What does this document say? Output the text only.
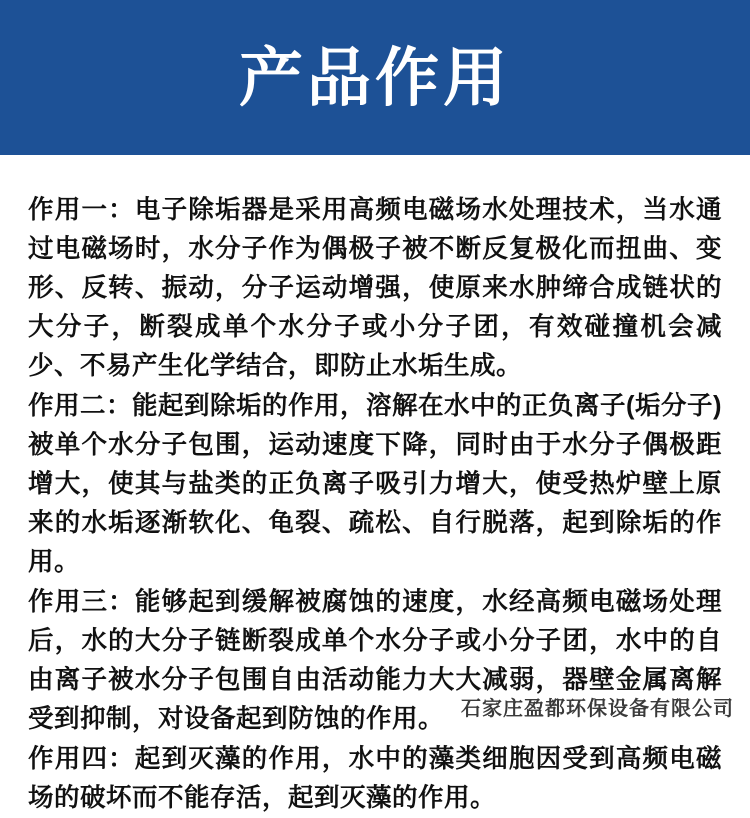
产品作用

作用一：电子除垢器是采用高频电磁场水处理技术，当水通过电磁场时，水分子作为偶极子被不断反复极化而扭曲、变形、反转、振动，分子运动增强，使原来水肿缔合成链状的大分子，断裂成单个水分子或小分子团，有效碰撞机会减少、不易产生化学结合，即防止水垢生成。

作用二：能起到除垢的作用，溶解在水中的正负离子(垢分子)被单个水分子包围，运动速度下降，同时由于水分子偶极距增大，使其与盐类的正负离子吸引力增大，使受热炉壁上原来的水垢逐渐软化、龟裂、疏松、自行脱落，起到除垢的作用。

作用三：能够起到缓解被腐蚀的速度，水经高频电磁场处理后，水的大分子链断裂成单个水分子或小分子团，水中的自由离子被水分子包围自由活动能力大大减弱，器壁金属离解受到抑制，对设备起到防蚀的作用。

作用四：起到灭藻的作用，水中的藻类细胞因受到高频电磁场的破坏而不能存活，起到灭藻的作用。

石家庄盈都环保设备有限公司
